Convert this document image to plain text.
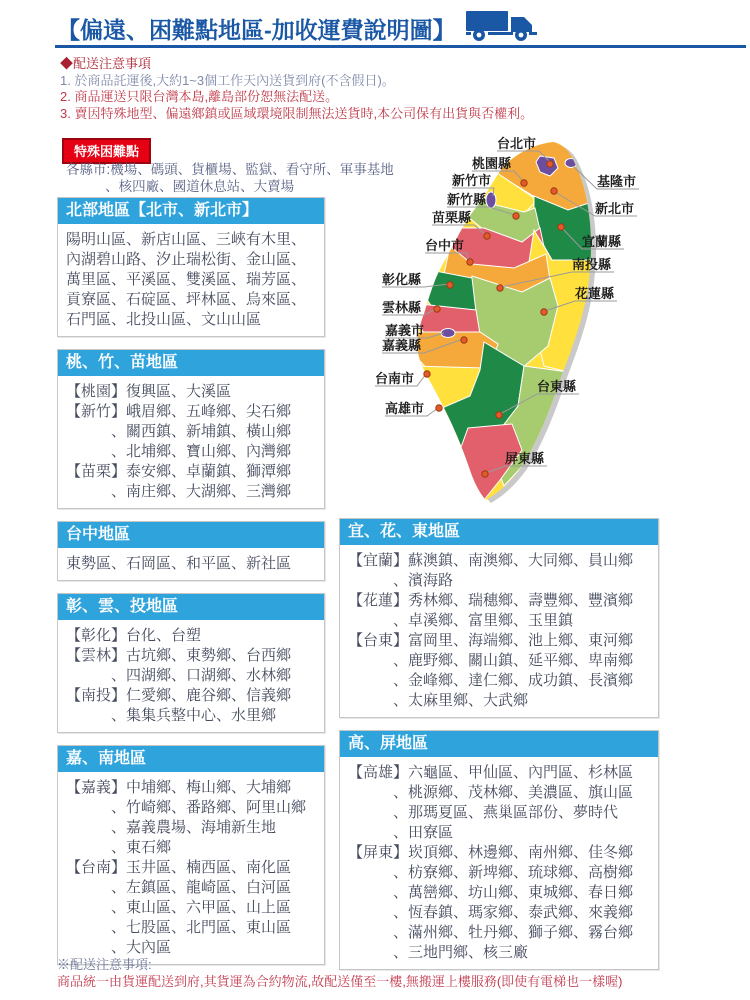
【偏遠、困難點地區-加收運費說明圖】
◆配送注意事項
1. 於商品託運後,大約1~3個工作天內送貨到府(不含假日)。
2. 商品運送只限台灣本島,離島部份恕無法配送。
3. 賣因特殊地型、偏遠鄉鎮或區域環境限制無法送貨時,本公司保有出貨與否權利。
特殊困難點
各縣市:機場、碼頭、貨櫃場、監獄、看守所、軍事基地
、核四廠、國道休息站、大賣場
北部地區【北市、新北市】
陽明山區、新店山區、三峽有木里、
內湖碧山路、汐止瑞松街、金山區、
萬里區、平溪區、雙溪區、瑞芳區、
貢寮區、石碇區、坪林區、烏來區、
石門區、北投山區、文山山區
桃、竹、苗地區
【桃園】復興區、大溪區
【新竹】峨眉鄉、五峰鄉、尖石鄉
、關西鎮、新埔鎮、橫山鄉
、北埔鄉、寶山鄉、內灣鄉
【苗栗】泰安鄉、卓蘭鎮、獅潭鄉
、南庄鄉、大湖鄉、三灣鄉
台中地區
東勢區、石岡區、和平區、新社區
彰、雲、投地區
【彰化】台化、台塑
【雲林】古坑鄉、東勢鄉、台西鄉
、四湖鄉、口湖鄉、水林鄉
【南投】仁愛鄉、鹿谷鄉、信義鄉
、集集兵整中心、水里鄉
嘉、南地區
【嘉義】中埔鄉、梅山鄉、大埔鄉
、竹崎鄉、番路鄉、阿里山鄉
、嘉義農場、海埔新生地
、東石鄉
【台南】玉井區、楠西區、南化區
、左鎮區、龍崎區、白河區
、東山區、六甲區、山上區
、七股區、北門區、東山區
、大內區
宜、花、東地區
【宜蘭】蘇澳鎮、南澳鄉、大同鄉、員山鄉
、濱海路
【花蓮】秀林鄉、瑞穗鄉、壽豐鄉、豐濱鄉
、卓溪鄉、富里鄉、玉里鎮
【台東】富岡里、海端鄉、池上鄉、東河鄉
、鹿野鄉、關山鎮、延平鄉、卑南鄉
、金峰鄉、達仁鄉、成功鎮、長濱鄉
、太麻里鄉、大武鄉
高、屏地區
【高雄】六龜區、甲仙區、內門區、杉林區
、桃源鄉、茂林鄉、美濃區、旗山區
、那瑪夏區、燕巢區部份、夢時代
、田寮區
【屏東】崁頂鄉、林邊鄉、南州鄉、佳冬鄉
、枋寮鄉、新埤鄉、琉球鄉、高樹鄉
、萬巒鄉、坊山鄉、東城鄉、春日鄉
、恆春鎮、瑪家鄉、泰武鄉、來義鄉
、滿州鄉、牡丹鄉、獅子鄉、霧台鄉
、三地門鄉、核三廠
台北市
桃園縣
新竹市
新竹縣
苗栗縣
台中市
彰化縣
雲林縣
嘉義市
嘉義縣
台南市
高雄市
基隆市
新北市
宜蘭縣
南投縣
花蓮縣
台東縣
屏東縣
※配送注意事項:
商品統一由貨運配送到府,其貨運為合約物流,故配送僅至一樓,無搬運上樓服務(即使有電梯也一樣喔)
